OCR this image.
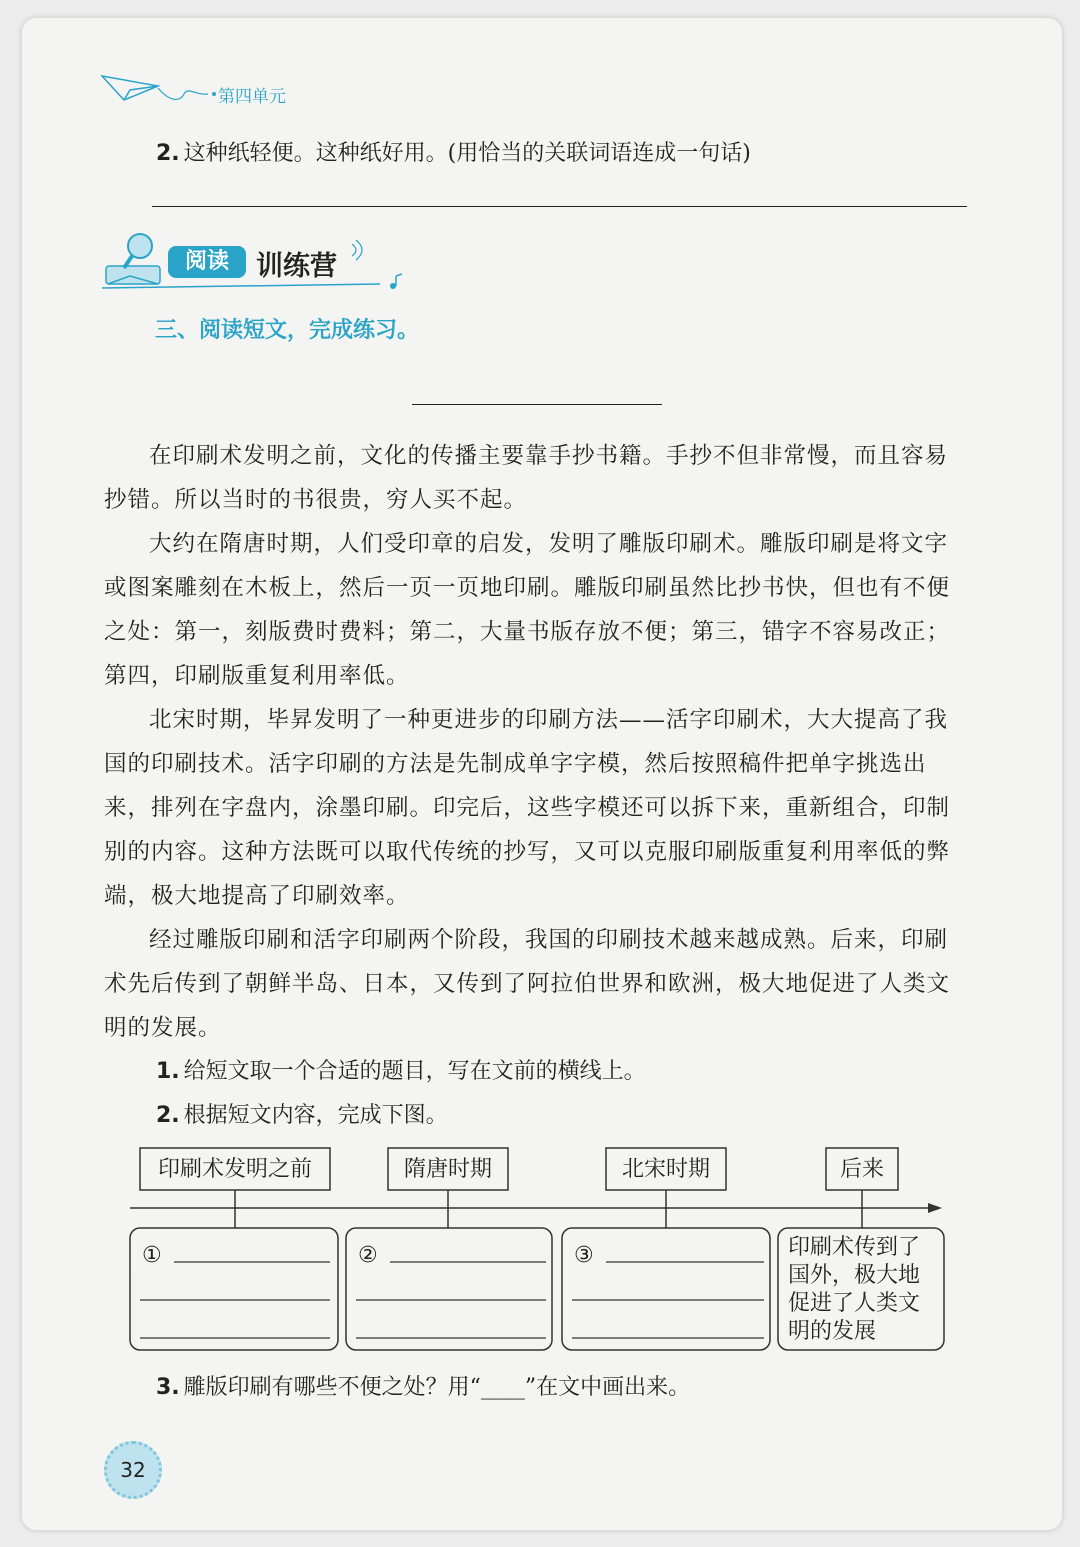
第四单元
2. 这种纸轻便。这种纸好用。(用恰当的关联词语连成一句话)
阅读	训练营
三、阅读短文，完成练习。
在印刷术发明之前，文化的传播主要靠手抄书籍。手抄不但非常慢，而且容易抄错。所以当时的书很贵，穷人买不起。
大约在隋唐时期，人们受印章的启发，发明了雕版印刷术。雕版印刷是将文字或图案雕刻在木板上，然后一页一页地印刷。雕版印刷虽然比抄书快，但也有不便之处：第一，刻版费时费料；第二，大量书版存放不便；第三，错字不容易改正；第四，印刷版重复利用率低。
北宋时期，毕昇发明了一种更进步的印刷方法——活字印刷术，大大提高了我国的印刷技术。活字印刷的方法是先制成单字字模，然后按照稿件把单字挑选出来，排列在字盘内，涂墨印刷。印完后，这些字模还可以拆下来，重新组合，印制别的内容。这种方法既可以取代传统的抄写，又可以克服印刷版重复利用率低的弊端，极大地提高了印刷效率。
经过雕版印刷和活字印刷两个阶段，我国的印刷技术越来越成熟。后来，印刷术先后传到了朝鲜半岛、日本，又传到了阿拉伯世界和欧洲，极大地促进了人类文明的发展。
1. 给短文取一个合适的题目，写在文前的横线上。
2. 根据短文内容，完成下图。
印刷术发明之前	隋唐时期	北宋时期	后来
①	②	③	印刷术传到了
国外，极大地
促进了人类文
明的发展
3. 雕版印刷有哪些不便之处？用“____”在文中画出来。
32
